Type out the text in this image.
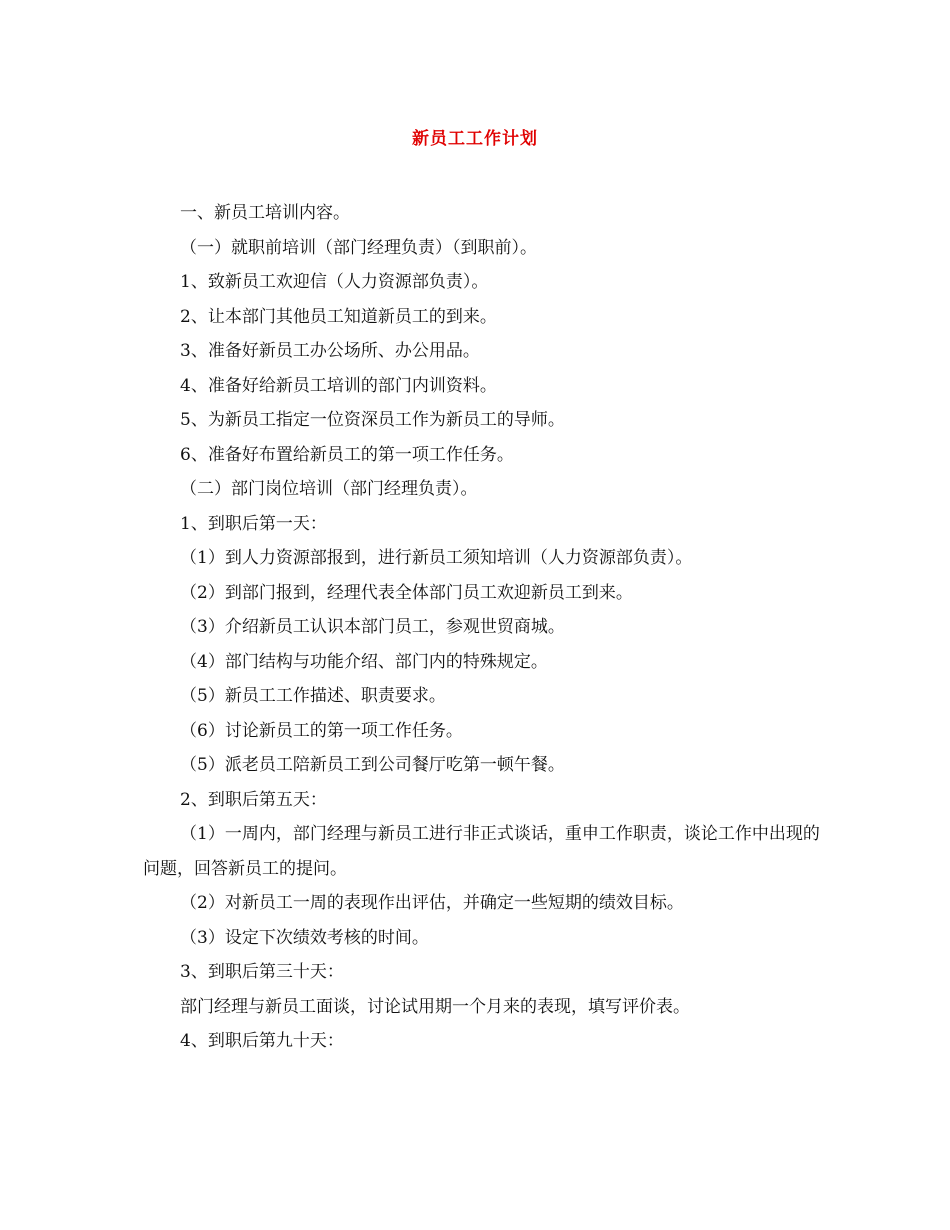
新员工工作计划

一、新员工培训内容。

（一）就职前培训（部门经理负责）（到职前）。

1、致新员工欢迎信（人力资源部负责）。

2、让本部门其他员工知道新员工的到来。

3、准备好新员工办公场所、办公用品。

4、准备好给新员工培训的部门内训资料。

5、为新员工指定一位资深员工作为新员工的导师。

6、准备好布置给新员工的第一项工作任务。

（二）部门岗位培训（部门经理负责）。

1、到职后第一天：

（1）到人力资源部报到，进行新员工须知培训（人力资源部负责）。

（2）到部门报到，经理代表全体部门员工欢迎新员工到来。

（3）介绍新员工认识本部门员工，参观世贸商城。

（4）部门结构与功能介绍、部门内的特殊规定。

（5）新员工工作描述、职责要求。

（6）讨论新员工的第一项工作任务。

（5）派老员工陪新员工到公司餐厅吃第一顿午餐。

2、到职后第五天：

（1）一周内，部门经理与新员工进行非正式谈话，重申工作职责，谈论工作中出现的问题，回答新员工的提问。

（2）对新员工一周的表现作出评估，并确定一些短期的绩效目标。

（3）设定下次绩效考核的时间。

3、到职后第三十天：

部门经理与新员工面谈，讨论试用期一个月来的表现，填写评价表。

4、到职后第九十天：
